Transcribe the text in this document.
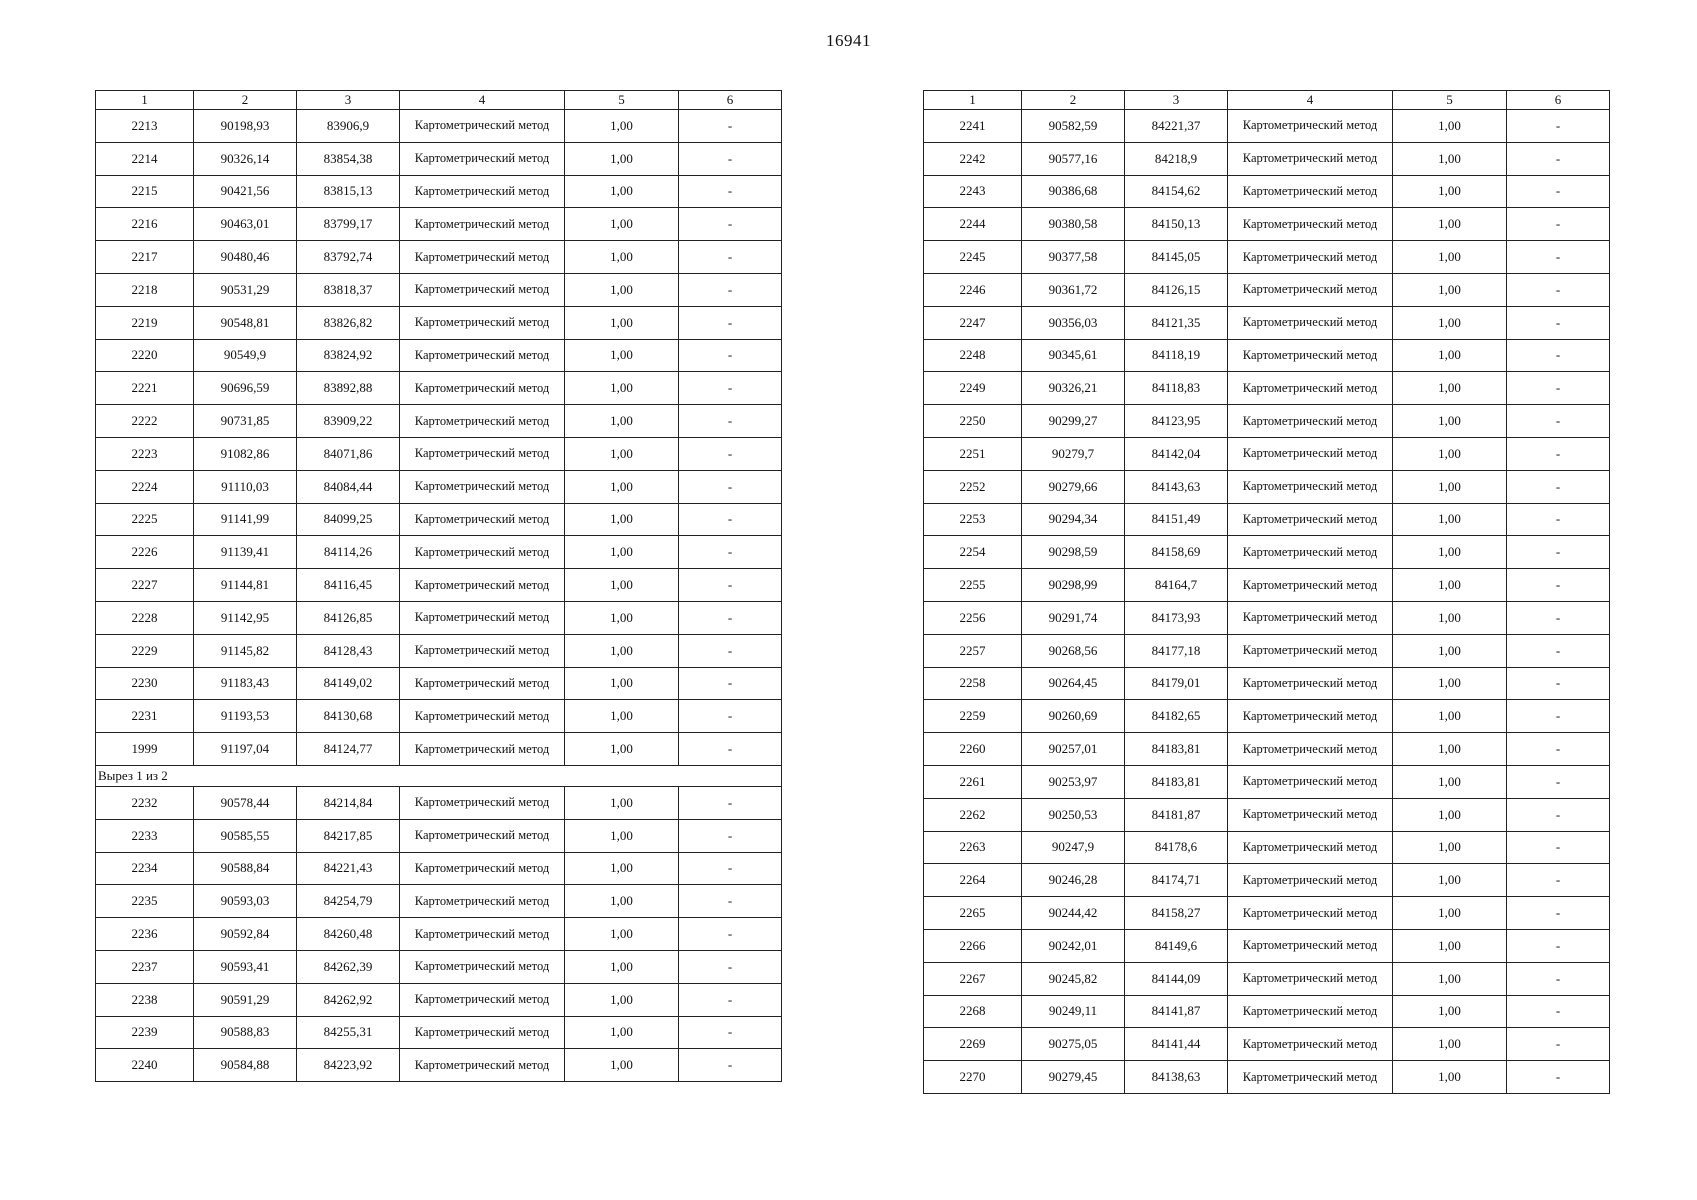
16941
1	2	3	4	5	6
2213	90198,93	83906,9	Картометрический метод	1,00	-
2214	90326,14	83854,38	Картометрический метод	1,00	-
2215	90421,56	83815,13	Картометрический метод	1,00	-
2216	90463,01	83799,17	Картометрический метод	1,00	-
2217	90480,46	83792,74	Картометрический метод	1,00	-
2218	90531,29	83818,37	Картометрический метод	1,00	-
2219	90548,81	83826,82	Картометрический метод	1,00	-
2220	90549,9	83824,92	Картометрический метод	1,00	-
2221	90696,59	83892,88	Картометрический метод	1,00	-
2222	90731,85	83909,22	Картометрический метод	1,00	-
2223	91082,86	84071,86	Картометрический метод	1,00	-
2224	91110,03	84084,44	Картометрический метод	1,00	-
2225	91141,99	84099,25	Картометрический метод	1,00	-
2226	91139,41	84114,26	Картометрический метод	1,00	-
2227	91144,81	84116,45	Картометрический метод	1,00	-
2228	91142,95	84126,85	Картометрический метод	1,00	-
2229	91145,82	84128,43	Картометрический метод	1,00	-
2230	91183,43	84149,02	Картометрический метод	1,00	-
2231	91193,53	84130,68	Картометрический метод	1,00	-
1999	91197,04	84124,77	Картометрический метод	1,00	-
Вырез 1 из 2					
2232	90578,44	84214,84	Картометрический метод	1,00	-
2233	90585,55	84217,85	Картометрический метод	1,00	-
2234	90588,84	84221,43	Картометрический метод	1,00	-
2235	90593,03	84254,79	Картометрический метод	1,00	-
2236	90592,84	84260,48	Картометрический метод	1,00	-
2237	90593,41	84262,39	Картометрический метод	1,00	-
2238	90591,29	84262,92	Картометрический метод	1,00	-
2239	90588,83	84255,31	Картометрический метод	1,00	-
2240	90584,88	84223,92	Картометрический метод	1,00	-
1	2	3	4	5	6
2241	90582,59	84221,37	Картометрический метод	1,00	-
2242	90577,16	84218,9	Картометрический метод	1,00	-
2243	90386,68	84154,62	Картометрический метод	1,00	-
2244	90380,58	84150,13	Картометрический метод	1,00	-
2245	90377,58	84145,05	Картометрический метод	1,00	-
2246	90361,72	84126,15	Картометрический метод	1,00	-
2247	90356,03	84121,35	Картометрический метод	1,00	-
2248	90345,61	84118,19	Картометрический метод	1,00	-
2249	90326,21	84118,83	Картометрический метод	1,00	-
2250	90299,27	84123,95	Картометрический метод	1,00	-
2251	90279,7	84142,04	Картометрический метод	1,00	-
2252	90279,66	84143,63	Картометрический метод	1,00	-
2253	90294,34	84151,49	Картометрический метод	1,00	-
2254	90298,59	84158,69	Картометрический метод	1,00	-
2255	90298,99	84164,7	Картометрический метод	1,00	-
2256	90291,74	84173,93	Картометрический метод	1,00	-
2257	90268,56	84177,18	Картометрический метод	1,00	-
2258	90264,45	84179,01	Картометрический метод	1,00	-
2259	90260,69	84182,65	Картометрический метод	1,00	-
2260	90257,01	84183,81	Картометрический метод	1,00	-
2261	90253,97	84183,81	Картометрический метод	1,00	-
2262	90250,53	84181,87	Картометрический метод	1,00	-
2263	90247,9	84178,6	Картометрический метод	1,00	-
2264	90246,28	84174,71	Картометрический метод	1,00	-
2265	90244,42	84158,27	Картометрический метод	1,00	-
2266	90242,01	84149,6	Картометрический метод	1,00	-
2267	90245,82	84144,09	Картометрический метод	1,00	-
2268	90249,11	84141,87	Картометрический метод	1,00	-
2269	90275,05	84141,44	Картометрический метод	1,00	-
2270	90279,45	84138,63	Картометрический метод	1,00	-
